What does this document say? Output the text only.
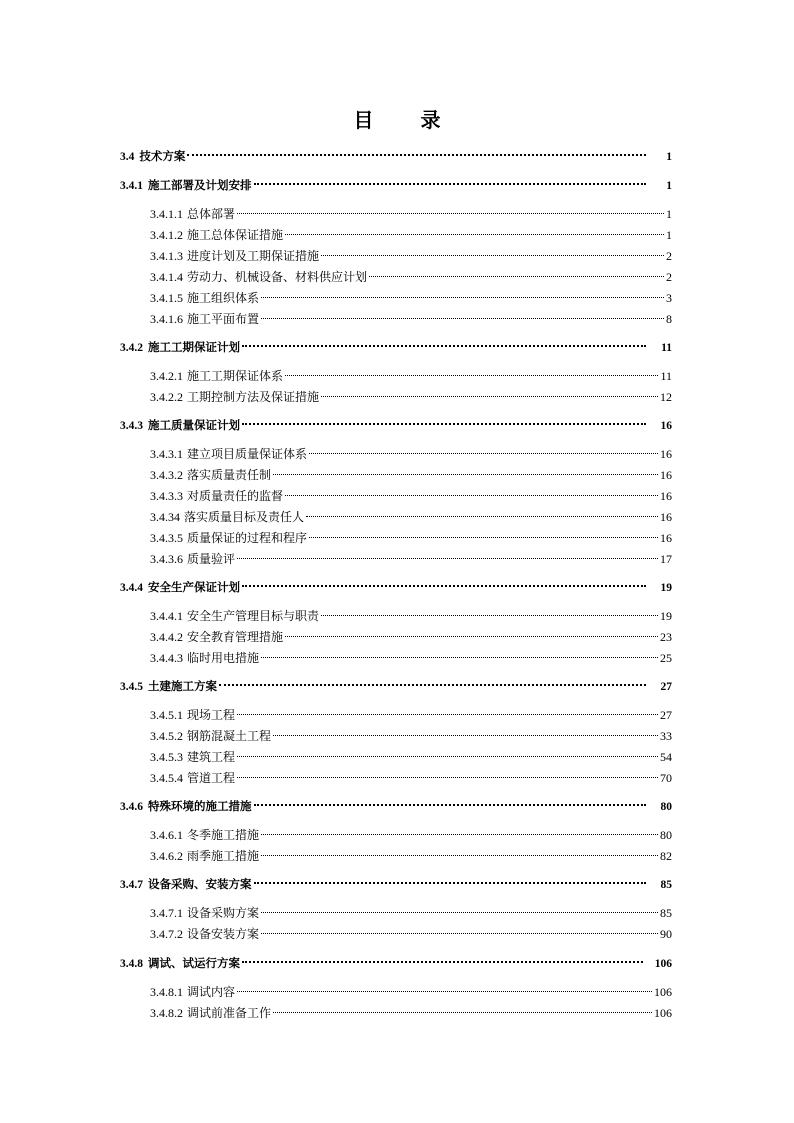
目 录
3.4 技术方案	1
3.4.1 施工部署及计划安排	1
3.4.1.1 总体部署	1
3.4.1.2 施工总体保证措施	1
3.4.1.3 进度计划及工期保证措施	2
3.4.1.4 劳动力、机械设备、材料供应计划	2
3.4.1.5 施工组织体系	3
3.4.1.6 施工平面布置	8
3.4.2 施工工期保证计划	11
3.4.2.1 施工工期保证体系	11
3.4.2.2 工期控制方法及保证措施	12
3.4.3 施工质量保证计划	16
3.4.3.1 建立项目质量保证体系	16
3.4.3.2 落实质量责任制	16
3.4.3.3 对质量责任的监督	16
3.4.34 落实质量目标及责任人	16
3.4.3.5 质量保证的过程和程序	16
3.4.3.6 质量验评	17
3.4.4 安全生产保证计划	19
3.4.4.1 安全生产管理目标与职责	19
3.4.4.2 安全教育管理措施	23
3.4.4.3 临时用电措施	25
3.4.5 土建施工方案	27
3.4.5.1 现场工程	27
3.4.5.2 钢筋混凝土工程	33
3.4.5.3 建筑工程	54
3.4.5.4 管道工程	70
3.4.6 特殊环境的施工措施	80
3.4.6.1 冬季施工措施	80
3.4.6.2 雨季施工措施	82
3.4.7 设备采购、安装方案	85
3.4.7.1 设备采购方案	85
3.4.7.2 设备安装方案	90
3.4.8 调试、试运行方案	106
3.4.8.1 调试内容	106
3.4.8.2 调试前准备工作	106
